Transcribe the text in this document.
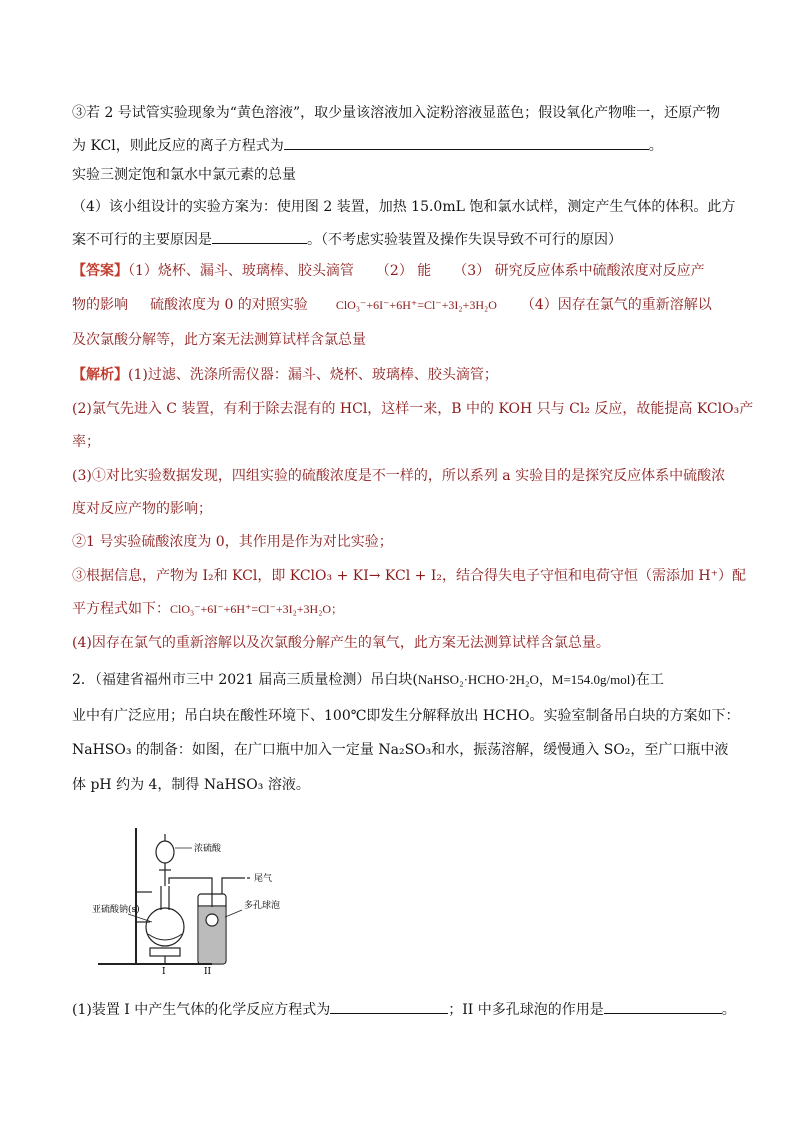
③若 2 号试管实验现象为“黄色溶液”，取少量该溶液加入淀粉溶液显蓝色；假设氧化产物唯一，还原产物
为 KCl，则此反应的离子方程式为	。
实验三测定饱和氯水中氯元素的总量
（4）该小组设计的实验方案为：使用图 2 装置，加热 15.0mL 饱和氯水试样，测定产生气体的体积。此方
案不可行的主要原因是	。（不考虑实验装置及操作失误导致不可行的原因）
【答案】（1）烧杯、漏斗、玻璃棒、胶头滴管 （2） 能 （3） 研究反应体系中硫酸浓度对反应产
物的影响 硫酸浓度为 0 的对照实验 ClO₃⁻+6I⁻+6H⁺=Cl⁻+3I₂+3H₂O （4）因存在氯气的重新溶解以
及次氯酸分解等，此方案无法测算试样含氯总量
【解析】(1)过滤、洗涤所需仪器：漏斗、烧杯、玻璃棒、胶头滴管；
(2)氯气先进入 C 装置，有利于除去混有的 HCl，这样一来，B 中的 KOH 只与 Cl₂ 反应，故能提高 KClO₃产
率；
(3)①对比实验数据发现，四组实验的硫酸浓度是不一样的，所以系列 a 实验目的是探究反应体系中硫酸浓
度对反应产物的影响；
②1 号实验硫酸浓度为 0，其作用是作为对比实验；
③根据信息，产物为 I₂和 KCl，即 KClO₃ + KI→ KCl + I₂，结合得失电子守恒和电荷守恒（需添加 H⁺）配
平方程式如下：ClO₃⁻+6I⁻+6H⁺=Cl⁻+3I₂+3H₂O；
(4)因存在氯气的重新溶解以及次氯酸分解产生的氧气，此方案无法测算试样含氯总量。
2．（福建省福州市三中 2021 届高三质量检测）吊白块(NaHSO₂·HCHO·2H₂O，M=154.0g/mol)在工
业中有广泛应用；吊白块在酸性环境下、100℃即发生分解释放出 HCHO。实验室制备吊白块的方案如下：
NaHSO₃ 的制备：如图，在广口瓶中加入一定量 Na₂SO₃和水，振荡溶解，缓慢通入 SO₂，至广口瓶中液
体 pH 约为 4，制得 NaHSO₃ 溶液。
浓硫酸
尾气
亚硫酸钠(s)	多孔球泡
I	II
(1)装置 I 中产生气体的化学反应方程式为	；II 中多孔球泡的作用是	。
